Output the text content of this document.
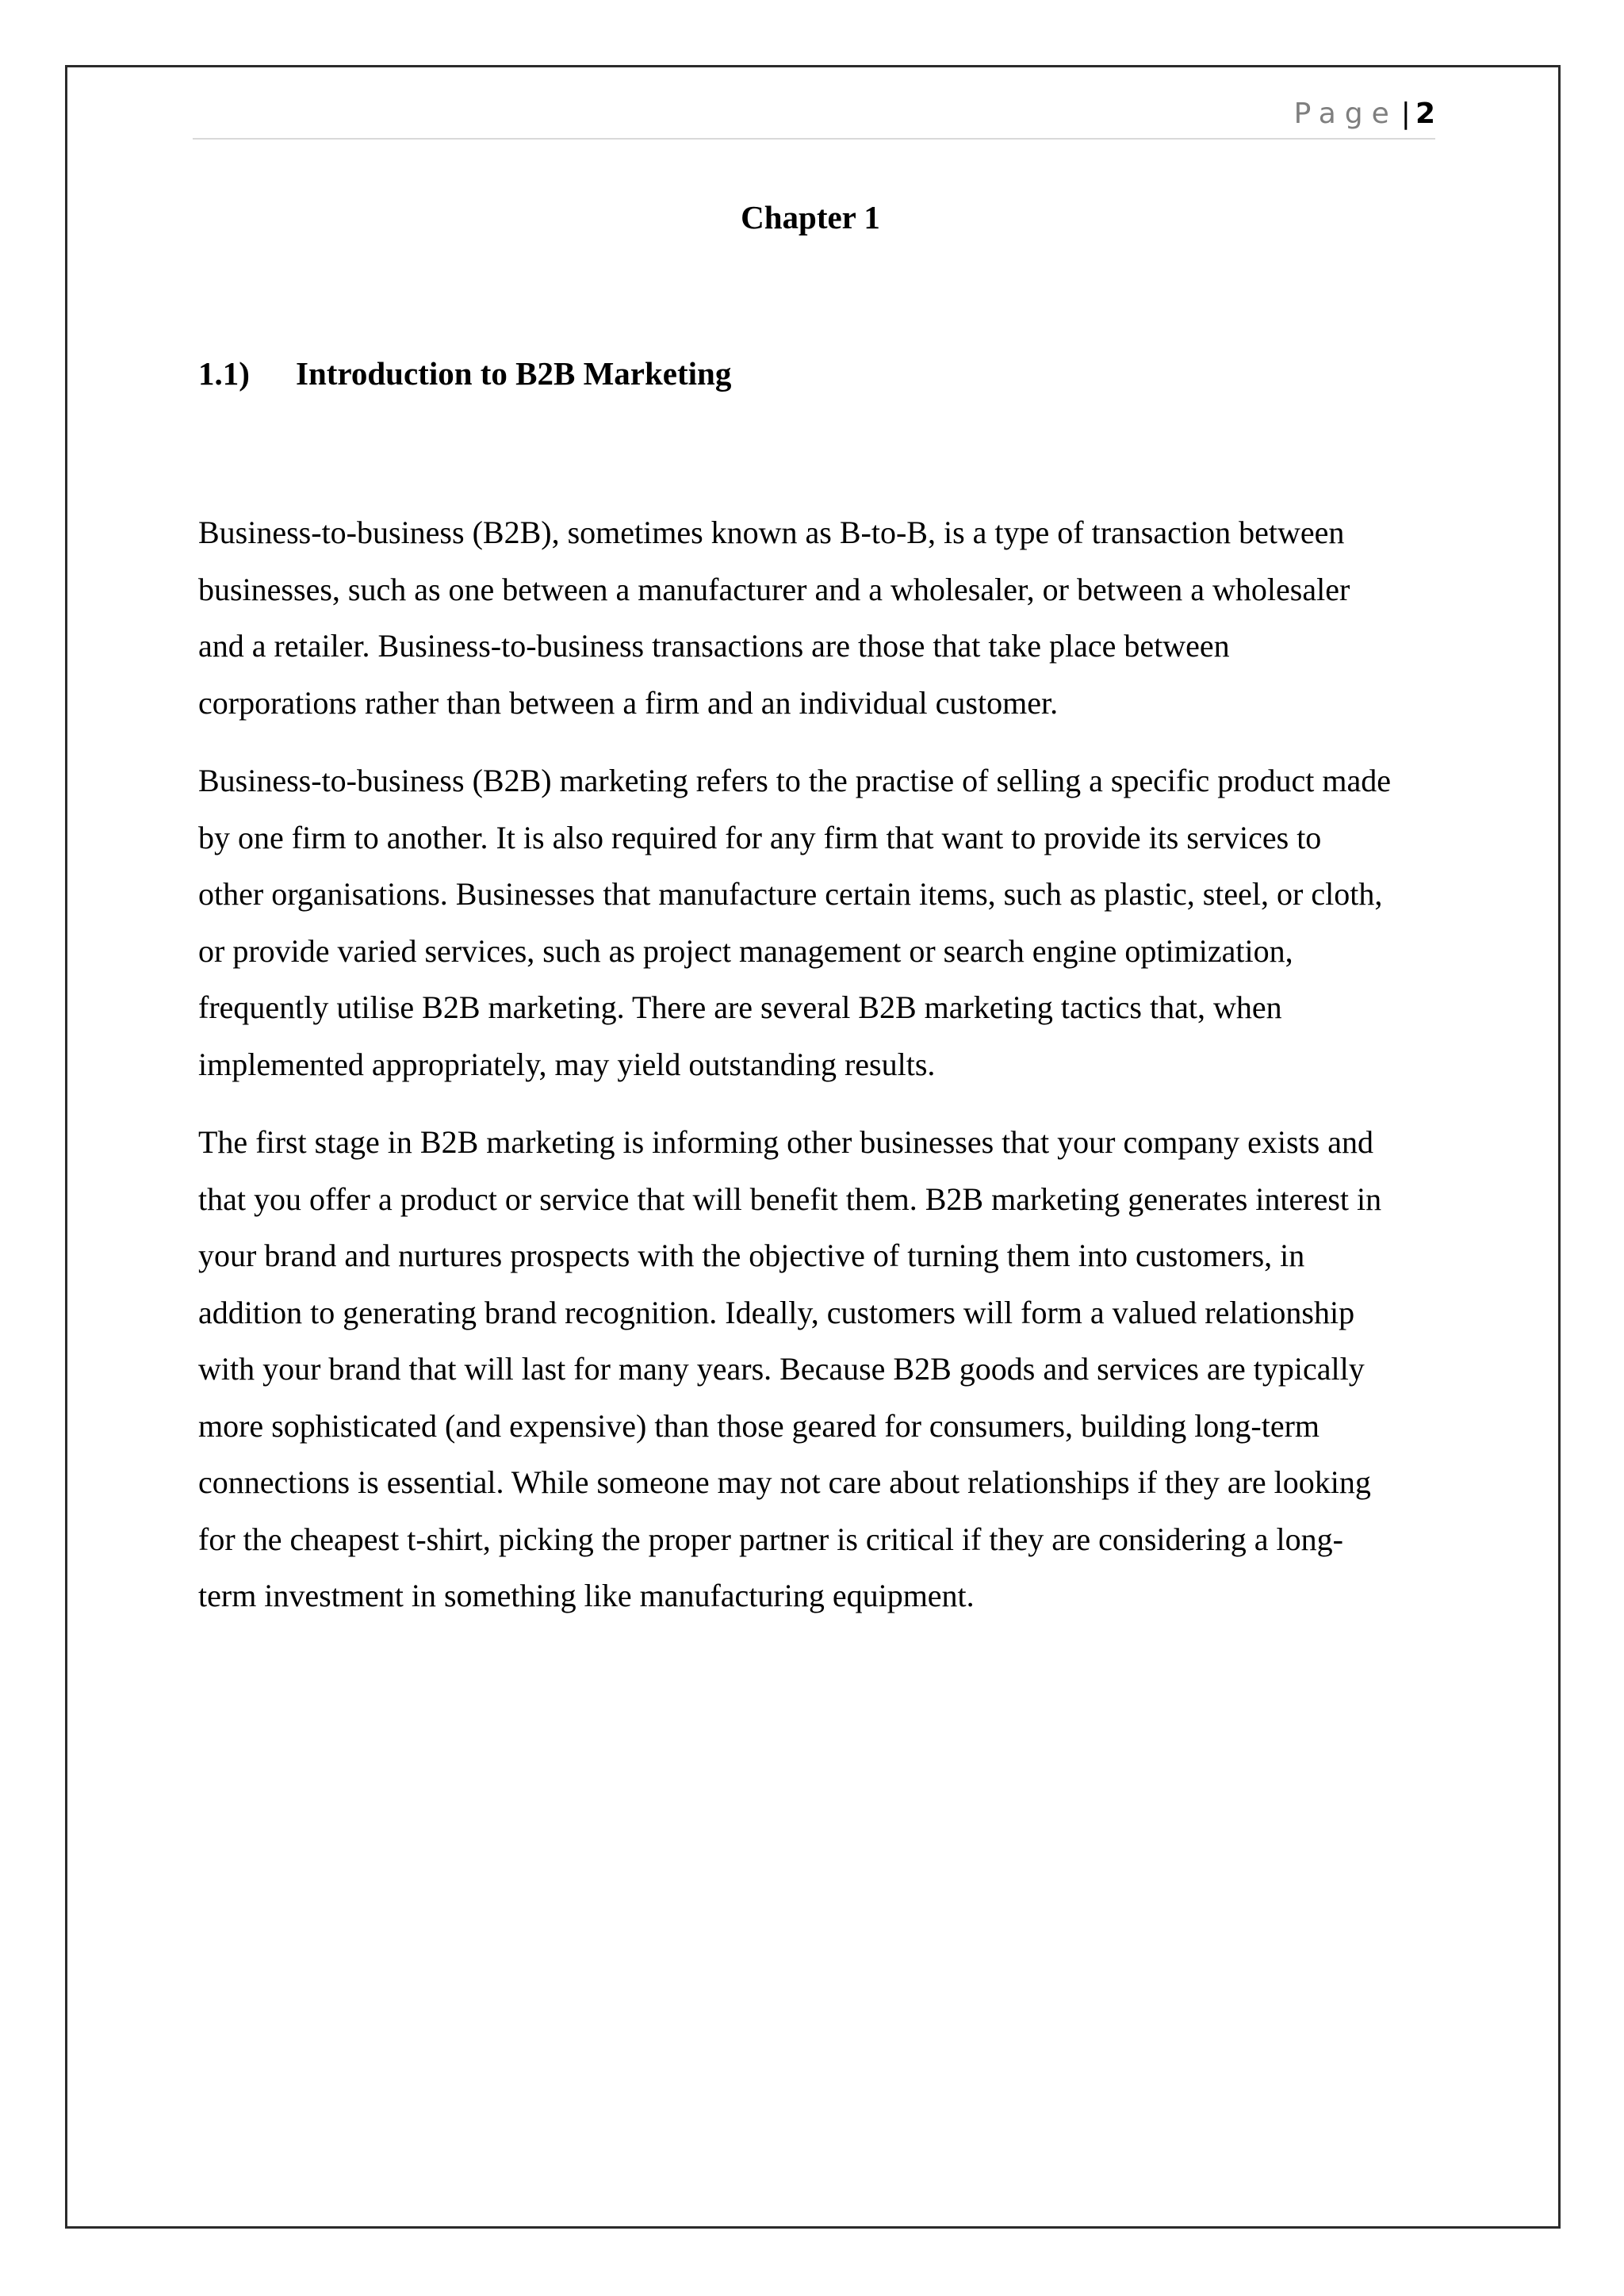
Page | 2
Chapter 1
1.1) Introduction to B2B Marketing

Business-to-business (B2B), sometimes known as B-to-B, is a type of transaction between
businesses, such as one between a manufacturer and a wholesaler, or between a wholesaler
and a retailer. Business-to-business transactions are those that take place between
corporations rather than between a firm and an individual customer.

Business-to-business (B2B) marketing refers to the practise of selling a specific product made
by one firm to another. It is also required for any firm that want to provide its services to
other organisations. Businesses that manufacture certain items, such as plastic, steel, or cloth,
or provide varied services, such as project management or search engine optimization,
frequently utilise B2B marketing. There are several B2B marketing tactics that, when
implemented appropriately, may yield outstanding results.

The first stage in B2B marketing is informing other businesses that your company exists and
that you offer a product or service that will benefit them. B2B marketing generates interest in
your brand and nurtures prospects with the objective of turning them into customers, in
addition to generating brand recognition. Ideally, customers will form a valued relationship
with your brand that will last for many years. Because B2B goods and services are typically
more sophisticated (and expensive) than those geared for consumers, building long-term
connections is essential. While someone may not care about relationships if they are looking
for the cheapest t-shirt, picking the proper partner is critical if they are considering a long-
term investment in something like manufacturing equipment.
